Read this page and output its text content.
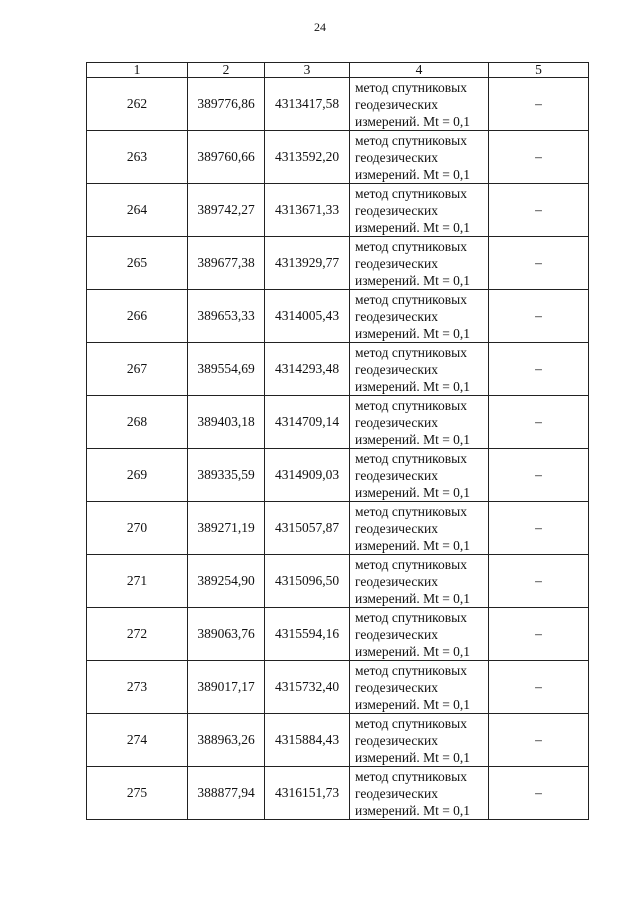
24
1	2	3	4	5
262	389776,86	4313417,58	метод спутниковых
геодезических
измерений. Mt = 0,1	–
263	389760,66	4313592,20	метод спутниковых
геодезических
измерений. Mt = 0,1	–
264	389742,27	4313671,33	метод спутниковых
геодезических
измерений. Mt = 0,1	–
265	389677,38	4313929,77	метод спутниковых
геодезических
измерений. Mt = 0,1	–
266	389653,33	4314005,43	метод спутниковых
геодезических
измерений. Mt = 0,1	–
267	389554,69	4314293,48	метод спутниковых
геодезических
измерений. Mt = 0,1	–
268	389403,18	4314709,14	метод спутниковых
геодезических
измерений. Mt = 0,1	–
269	389335,59	4314909,03	метод спутниковых
геодезических
измерений. Mt = 0,1	–
270	389271,19	4315057,87	метод спутниковых
геодезических
измерений. Mt = 0,1	–
271	389254,90	4315096,50	метод спутниковых
геодезических
измерений. Mt = 0,1	–
272	389063,76	4315594,16	метод спутниковых
геодезических
измерений. Mt = 0,1	–
273	389017,17	4315732,40	метод спутниковых
геодезических
измерений. Mt = 0,1	–
274	388963,26	4315884,43	метод спутниковых
геодезических
измерений. Mt = 0,1	–
275	388877,94	4316151,73	метод спутниковых
геодезических
измерений. Mt = 0,1	–
